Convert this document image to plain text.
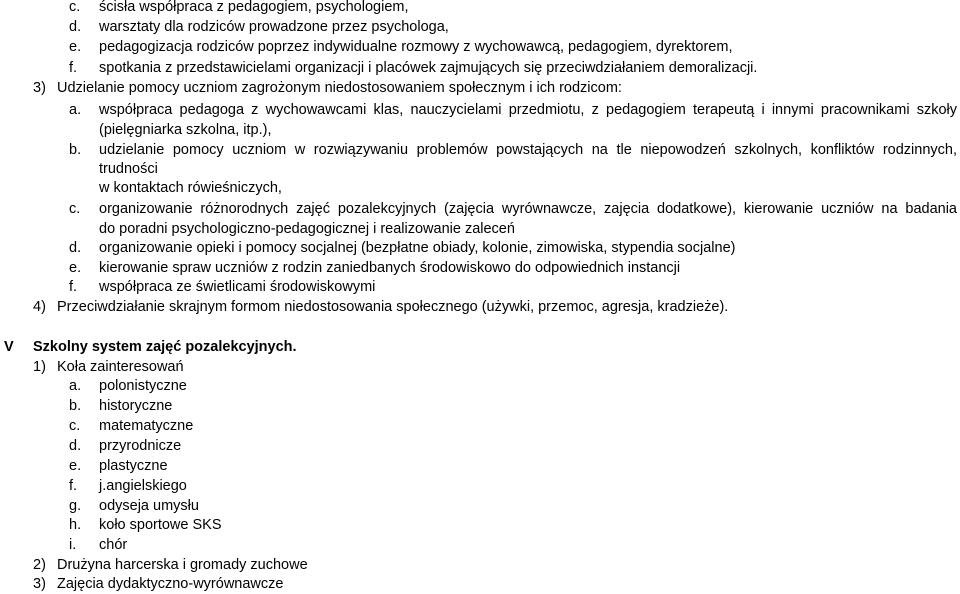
c. ścisła współpraca z pedagogiem, psychologiem,
d. warsztaty dla rodziców prowadzone przez psychologa,
e. pedagogizacja rodziców poprzez indywidualne rozmowy z wychowawcą, pedagogiem, dyrektorem,
f. spotkania z przedstawicielami organizacji i placówek zajmujących się przeciwdziałaniem demoralizacji.
3) Udzielanie pomocy uczniom zagrożonym niedostosowaniem społecznym i ich rodzicom:
a. współpraca pedagoga z wychowawcami klas, nauczycielami przedmiotu, z pedagogiem terapeutą i innymi pracownikami szkoły
(pielęgniarka szkolna, itp.),
b. udzielanie pomocy uczniom w rozwiązywaniu problemów powstających na tle niepowodzeń szkolnych, konfliktów rodzinnych,
trudności
w kontaktach rówieśniczych,
c. organizowanie różnorodnych zajęć pozalekcyjnych (zajęcia wyrównawcze, zajęcia dodatkowe), kierowanie uczniów na badania
do poradni psychologiczno-pedagogicznej i realizowanie zaleceń
d. organizowanie opieki i pomocy socjalnej (bezpłatne obiady, kolonie, zimowiska, stypendia socjalne)
e. kierowanie spraw uczniów z rodzin zaniedbanych środowiskowo do odpowiednich instancji
f. współpraca ze świetlicami środowiskowymi
4) Przeciwdziałanie skrajnym formom niedostosowania społecznego (używki, przemoc, agresja, kradzieże).
V Szkolny system zajęć pozalekcyjnych.
1) Koła zainteresowań
a. polonistyczne
b. historyczne
c. matematyczne
d. przyrodnicze
e. plastyczne
f. j.angielskiego
g. odyseja umysłu
h. koło sportowe SKS
i. chór
2) Drużyna harcerska i gromady zuchowe
3) Zajęcia dydaktyczno-wyrównawcze
